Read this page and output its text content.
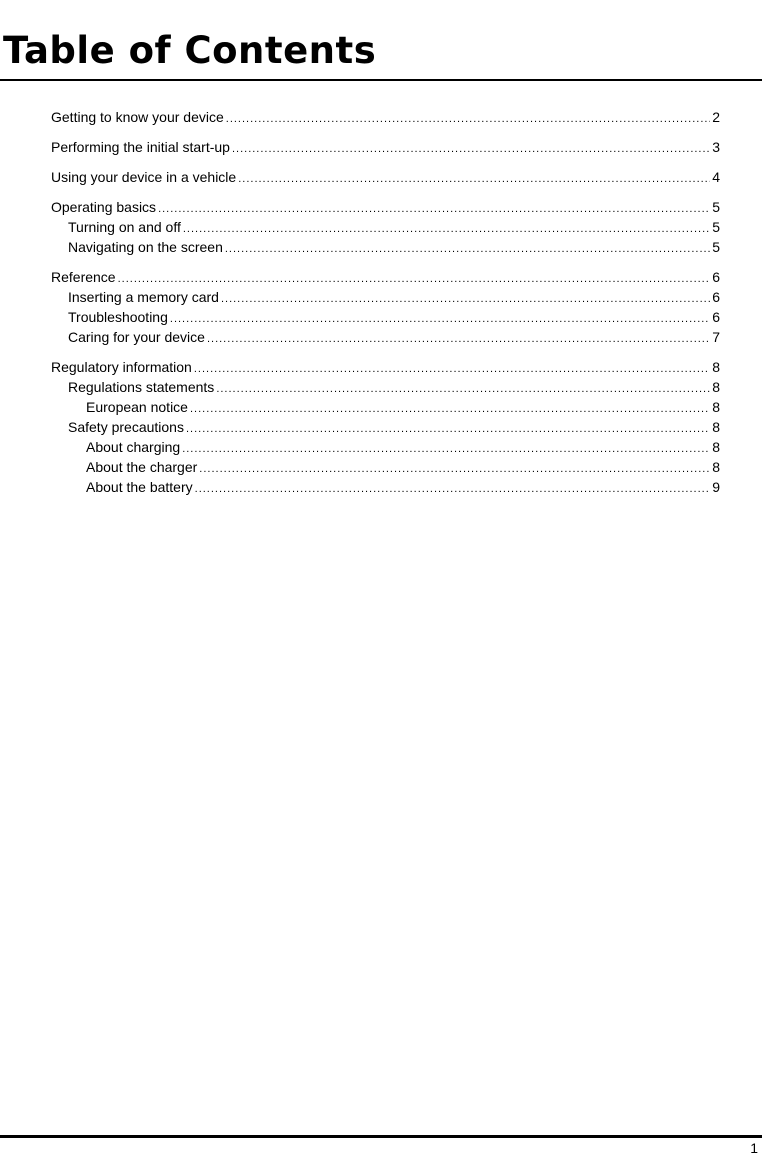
Table of Contents
Getting to know your device .....	2
Performing the initial start-up .....	3
Using your device in a vehicle .....	4
Operating basics .....	5
Turning on and off .....	5
Navigating on the screen .....	5
Reference .....	6
Inserting a memory card .....	6
Troubleshooting .....	6
Caring for your device .....	7
Regulatory information .....	8
Regulations statements .....	8
European notice .....	8
Safety precautions .....	8
About charging .....	8
About the charger .....	8
About the battery .....	9
1
